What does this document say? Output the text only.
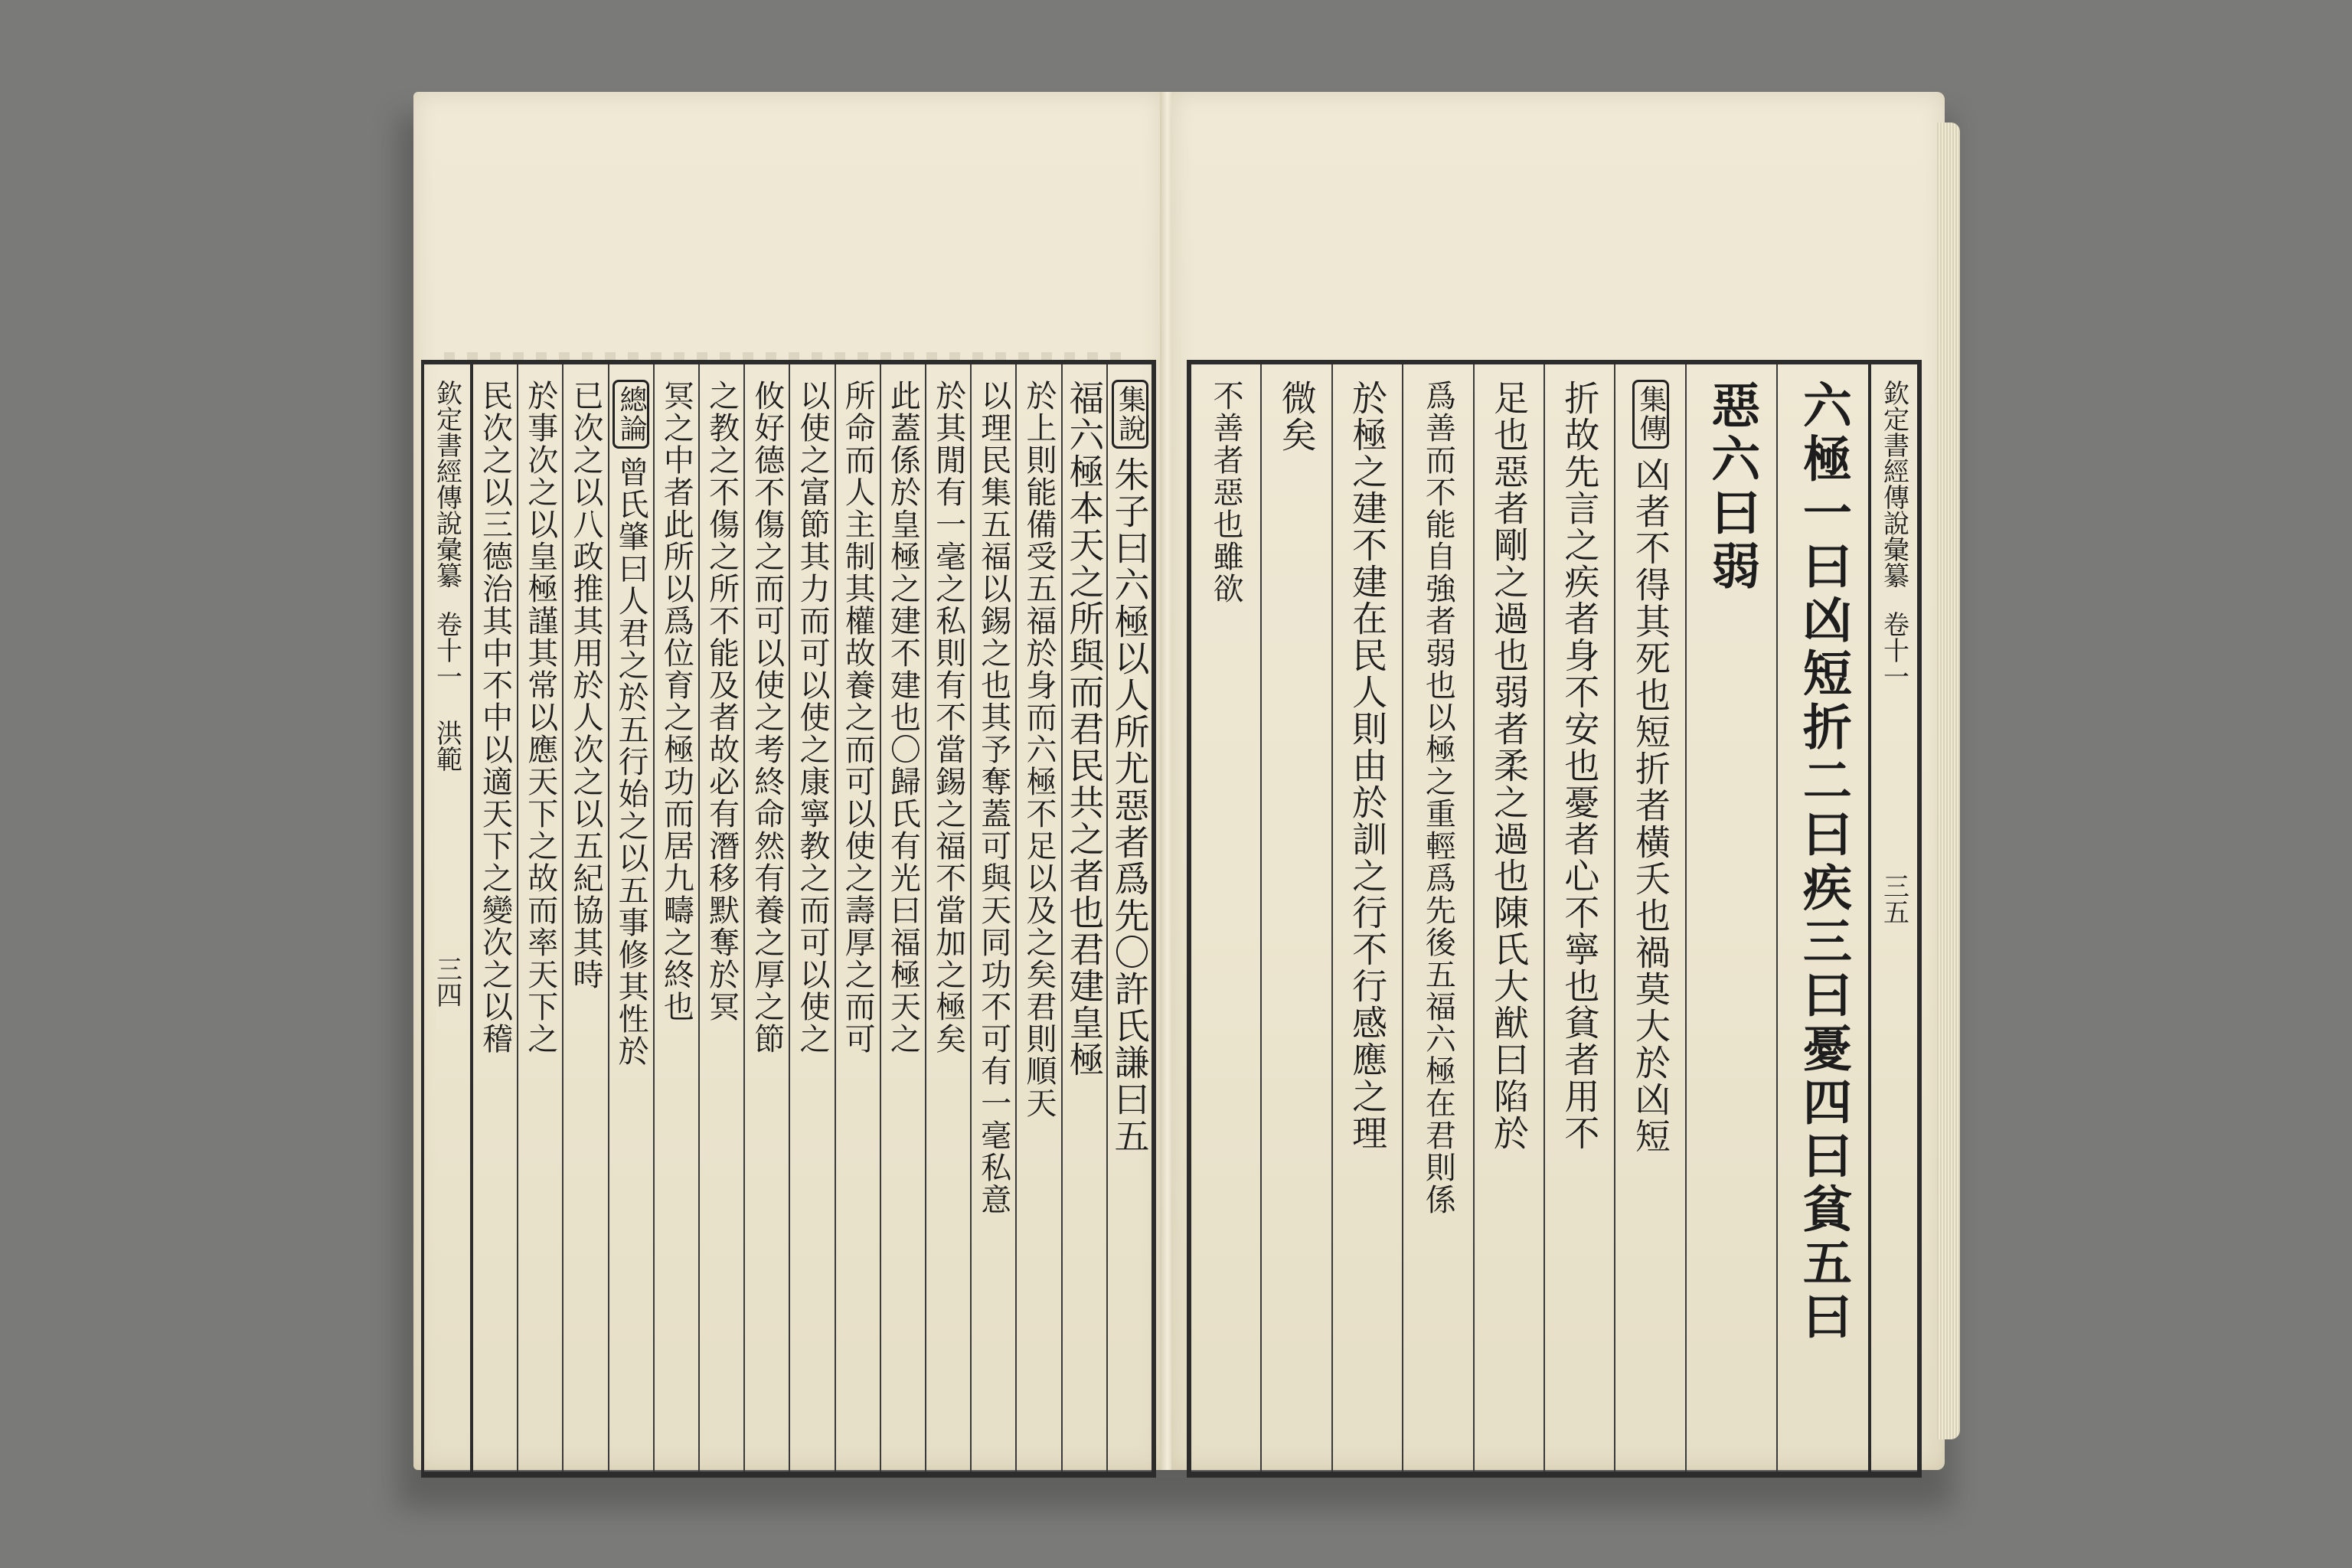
欽定書經傳說彙纂
卷十一
洪範
三四
集說朱子曰六極以人所尤惡者爲先〇許氏謙曰五
福六極本天之所與而君民共之者也君建皇極
於上則能備受五福於身而六極不足以及之矣君則順天
以理民集五福以錫之也其予奪蓋可與天同功不可有一毫私意
於其閒有一毫之私則有不當錫之福不當加之極矣
此蓋係於皇極之建不建也〇歸氏有光曰福極天之
所命而人主制其權故養之而可以使之壽厚之而可
以使之富節其力而可以使之康寧教之而可以使之
攸好德不傷之而可以使之考終命然有養之厚之節
之教之不傷之所不能及者故必有潛移默奪於冥
冥之中者此所以爲位育之極功而居九疇之終也
總論曾氏肇曰人君之於五行始之以五事修其性於
已次之以八政推其用於人次之以五紀協其時
於事次之以皇極謹其常以應天下之故而率天下之
民次之以三德治其中不中以適天下之變次之以稽	欽定書經傳說彙纂
卷十一
三五
六極一曰凶短折二曰疾三曰憂四曰貧五曰
惡六曰弱
集傳凶者不得其死也短折者橫夭也禍莫大於凶短
折故先言之疾者身不安也憂者心不寧也貧者用不
足也惡者剛之過也弱者柔之過也陳氏大猷曰陷於
爲善而不能自強者弱也以極之重輕爲先後五福六極在君則係
於極之建不建在民人則由於訓之行不行感應之理
微矣
不善者惡也雖欲
